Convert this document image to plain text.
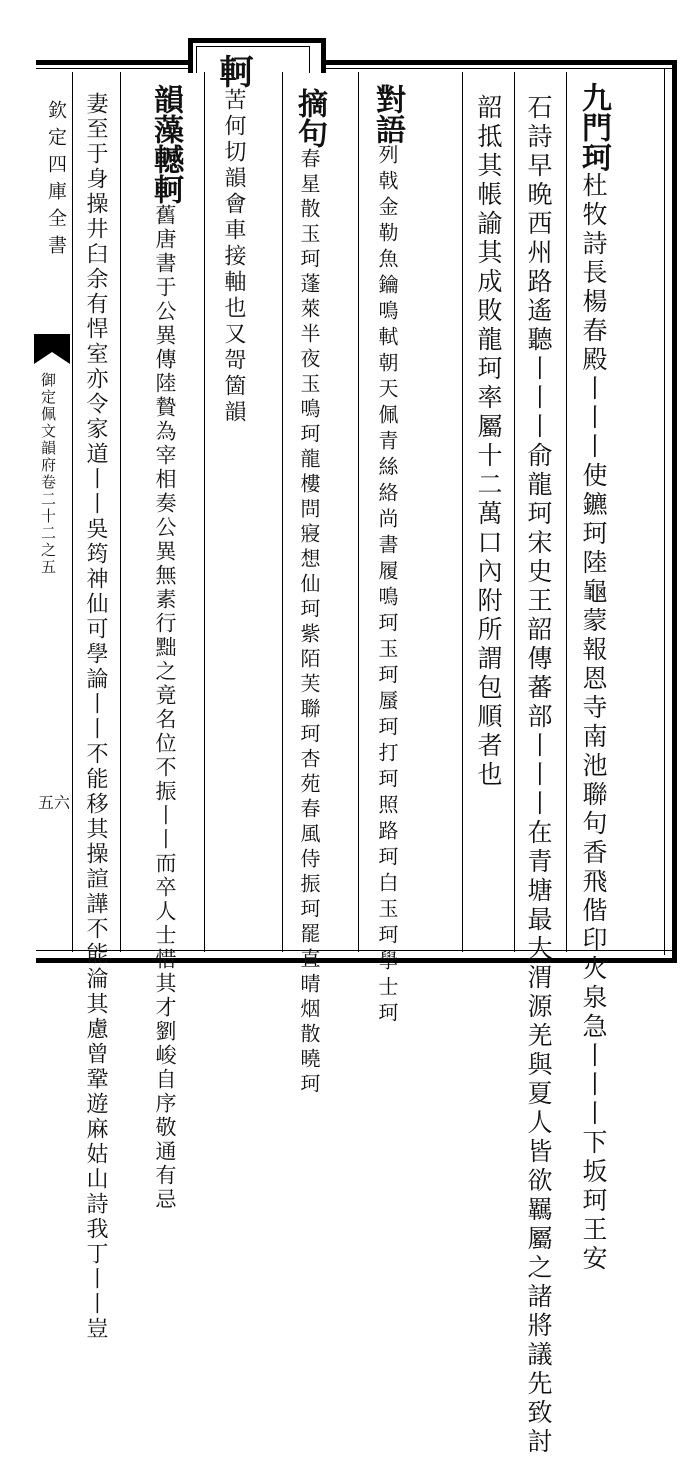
九門珂杜牧詩長楊春殿丨丨丨使鑣珂陸龜蒙報恩寺南池聯句香飛偕印火泉急丨丨丨下坂珂王安
石詩早晩西州路遙聽丨丨丨俞龍珂宋史王韶傳蕃部丨丨丨在青塘最大渭源羌與夏人皆欲羈屬之諸將議先致討
韶抵其帳諭其成敗龍珂率屬十二萬口內附所謂包順者也
對語列戟金勒魚鑰鳴軾朝天佩青絲絡尚書履鳴珂玉珂蜃珂打珂照路珂白玉珂學士珂
摘句春星散玉珂蓬萊半夜玉鳴珂龍樓問寢想仙珂紫陌芙聯珂杏苑春風侍振珂罷直晴烟散曉珂
軻苦何切韻會車接軸也又哿箇韻
韻藻轗軻舊唐書于公異傳陸贄為宰相奏公異無素行黜之竟名位不振丨丨而卒人士惜其才劉峻自序敬通有忌
妻至于身操井臼余有悍室亦令家道丨丨吳筠神仙可學論丨丨不能移其操諠譁不能淪其慮曾鞏遊麻姑山詩我丁丨丨豈
欽定四庫全書
御定佩文韻府卷二十二之五
五六
